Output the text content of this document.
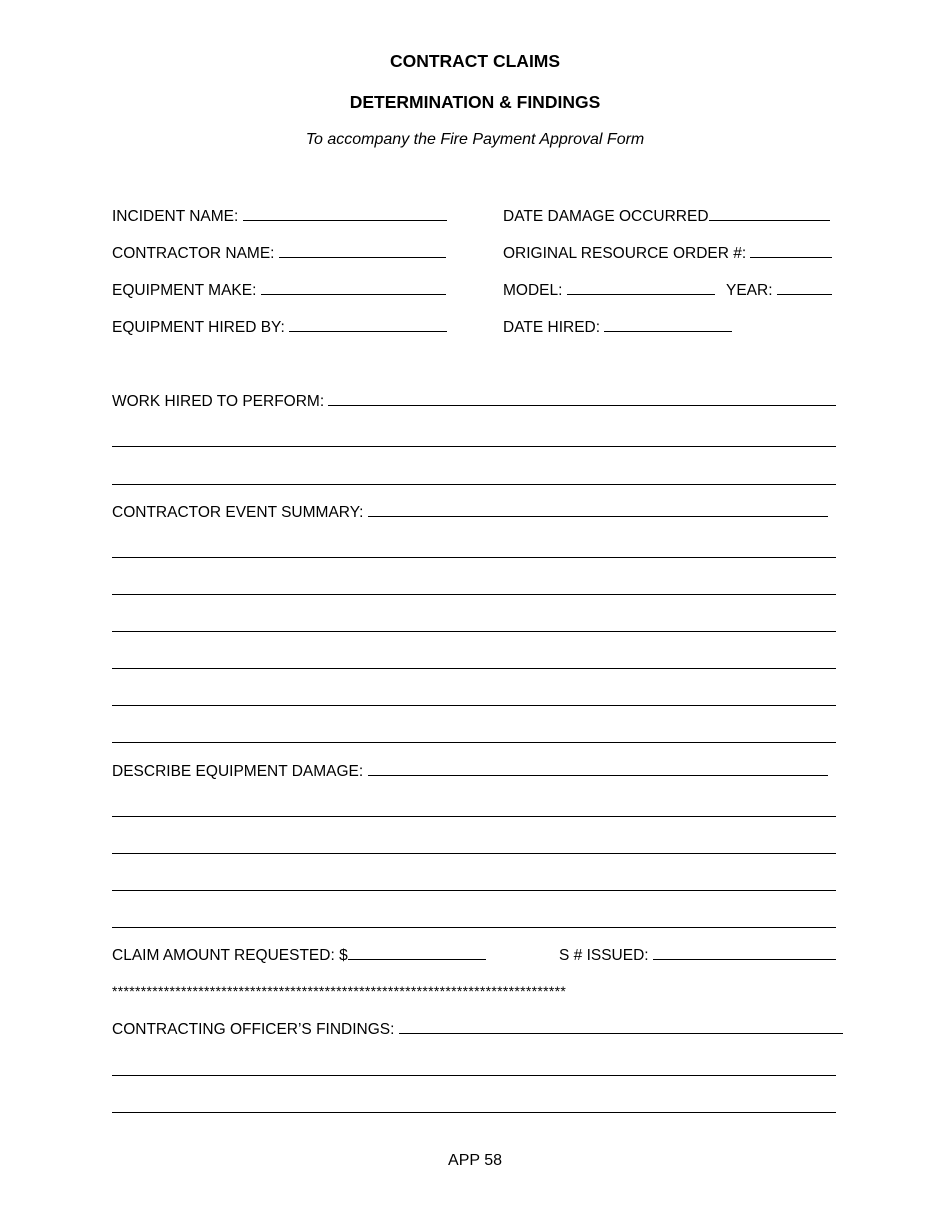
CONTRACT CLAIMS
DETERMINATION & FINDINGS
To accompany the Fire Payment Approval Form
INCIDENT NAME:	DATE DAMAGE OCCURRED
CONTRACTOR NAME:	ORIGINAL RESOURCE ORDER #:
EQUIPMENT MAKE:	MODEL:	YEAR:
EQUIPMENT HIRED BY:	DATE HIRED:
WORK HIRED TO PERFORM:
CONTRACTOR EVENT SUMMARY:
DESCRIBE EQUIPMENT DAMAGE:
CLAIM AMOUNT REQUESTED: $	S # ISSUED:
*******************************************************************************
CONTRACTING OFFICER’S FINDINGS:
APP 58
